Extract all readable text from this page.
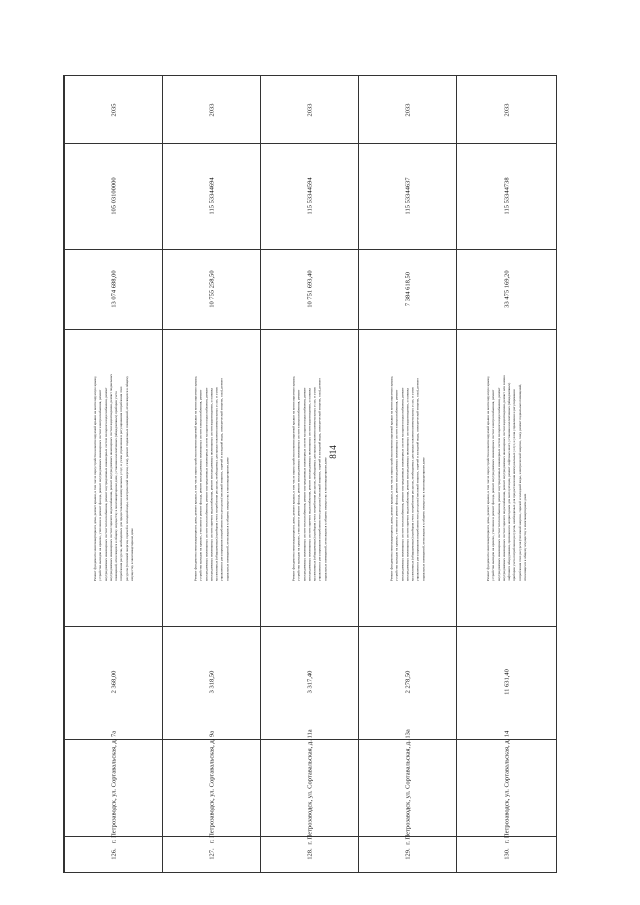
814
2035
105 03100000
13 074 688,00
Ремонт фундамента многоквартирного дома, ремонт крыши, в том числе переустройство невентилируемой крыши на вентилируемую крышу, устройство выходов на кровлю, утепление и ремонт фасада, ремонт внутридомовых инженерных систем электроснабжения, ремонт внутридомовых инженерных систем теплоснабжения, ремонт внутридомовых инженерных систем холодного водоснабжения, ремонт внутридомовых инженерных систем горячего водоснабжения, ремонт внутридомовых инженерных систем водоотведения, ремонт подвальных помещений, относящихся к общему имуществу в многоквартирном доме, установка коллективных (общедомовых) приборов учета потребления ресурсов, необходимых для предоставления коммунальных услуг, и узлов управления и регулирования потребления этих ресурсов (тепловой энергии, горячей и холодной воды, электрической энергии, газа), ремонт подвальных помещений, относящихся к общему имуществу в многоквартирном доме
2 368,00
г. Петрозаводск, ул. Сортавальская, д. 7а
126.
2033
115 53344694
10 755 258,50
Ремонт фундамента многоквартирного дома, ремонт крыши, в том числе переустройство невентилируемой крыши на вентилируемую крышу, устройство выходов на кровлю, утепление и ремонт фасада, ремонт внутридомовых инженерных систем электроснабжения, ремонт внутридомовых инженерных систем теплоснабжения, ремонт внутридомовых инженерных систем холодного водоснабжения, ремонт внутридомовых инженерных систем горячего водоснабжения, ремонт внутридомовых инженерных систем водоотведения, установка коллективных (общедомовых) приборов учета потребления ресурсов, необходимых для предоставления коммунальных услуг, и узлов управления и регулирования потребления этих ресурсов (тепловой энергии, горячей и холодной воды, электрической энергии, газа), ремонт подвальных помещений, относящихся к общему имуществу в многоквартирном доме
3 318,50
г. Петрозаводск, ул. Сортавальская, д. 9а
127.
2033
115 53344594
10 751 693,40
Ремонт фундамента многоквартирного дома, ремонт крыши, в том числе переустройство невентилируемой крыши на вентилируемую крышу, устройство выходов на кровлю, утепление и ремонт фасада, ремонт внутридомовых инженерных систем электроснабжения, ремонт внутридомовых инженерных систем теплоснабжения, ремонт внутридомовых инженерных систем холодного водоснабжения, ремонт внутридомовых инженерных систем горячего водоснабжения, ремонт внутридомовых инженерных систем водоотведения, установка коллективных (общедомовых) приборов учета потребления ресурсов, необходимых для предоставления коммунальных услуг, и узлов управления и регулирования потребления этих ресурсов (тепловой энергии, горячей и холодной воды, электрической энергии, газа), ремонт подвальных помещений, относящихся к общему имуществу в многоквартирном доме
3 317,40
г. Петрозаводск, ул. Сортавальская, д. 11а
128.
2033
115 53344637
7 384 618,50
Ремонт фундамента многоквартирного дома, ремонт крыши, в том числе переустройство невентилируемой крыши на вентилируемую крышу, устройство выходов на кровлю, утепление и ремонт фасада, ремонт внутридомовых инженерных систем электроснабжения, ремонт внутридомовых инженерных систем теплоснабжения, ремонт внутридомовых инженерных систем холодного водоснабжения, ремонт внутридомовых инженерных систем горячего водоснабжения, ремонт внутридомовых инженерных систем водоотведения, установка коллективных (общедомовых) приборов учета потребления ресурсов, необходимых для предоставления коммунальных услуг, и узлов управления и регулирования потребления этих ресурсов (тепловой энергии, горячей и холодной воды, электрической энергии, газа), ремонт подвальных помещений, относящихся к общему имуществу в многоквартирном доме
2 278,50
г. Петрозаводск, ул. Сортавальская, д. 13а
129.
2033
115 53344738
33 475 169,20
Ремонт фундамента многоквартирного дома, ремонт крыши, в том числе переустройство невентилируемой крыши на вентилируемую крышу, устройство выходов на кровлю, утепление и ремонт фасада, ремонт внутридомовых инженерных систем электроснабжения, ремонт внутридомовых инженерных систем теплоснабжения, ремонт внутридомовых инженерных систем холодного водоснабжения, ремонт внутридомовых инженерных систем горячего водоснабжения, ремонт внутридомовых инженерных систем водоотведения, ремонт или замена лифтового оборудования, признанного непригодным для эксплуатации, ремонт лифтовых шахт, установка коллективных (общедомовых) приборов учета потребления ресурсов, необходимых для предоставления коммунальных услуг, и узлов управления и регулирования потребления этих ресурсов (тепловой энергии, горячей и холодной воды, электрической энергии, газа), ремонт подвальных помещений, относящихся к общему имуществу в многоквартирном доме
11 631,40
г. Петрозаводск, ул. Сортавальская, д. 14
130.
